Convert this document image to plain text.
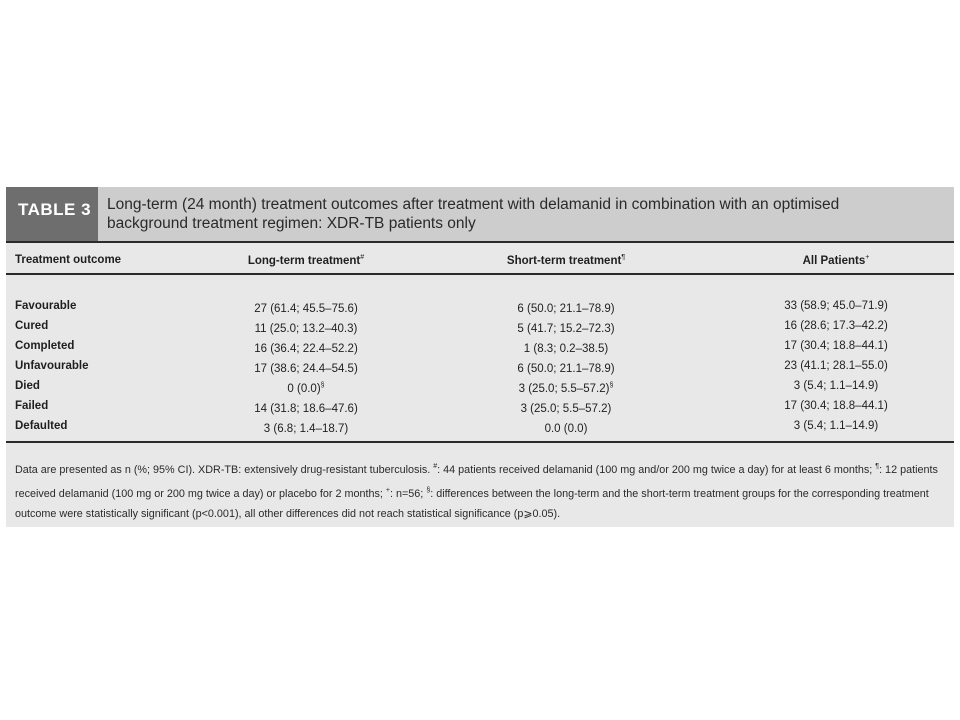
TABLE 3	Long-term (24 month) treatment outcomes after treatment with delamanid in combination with an optimised
background treatment regimen: XDR-TB patients only
Treatment outcome	Long-term treatment#	Short-term treatment¶	All Patients+
Favourable	27 (61.4; 45.5–75.6)	6 (50.0; 21.1–78.9)	33 (58.9; 45.0–71.9)
Cured	11 (25.0; 13.2–40.3)	5 (41.7; 15.2–72.3)	16 (28.6; 17.3–42.2)
Completed	16 (36.4; 22.4–52.2)	1 (8.3; 0.2–38.5)	17 (30.4; 18.8–44.1)
Unfavourable	17 (38.6; 24.4–54.5)	6 (50.0; 21.1–78.9)	23 (41.1; 28.1–55.0)
Died	0 (0.0)§	3 (25.0; 5.5–57.2)§	3 (5.4; 1.1–14.9)
Failed	14 (31.8; 18.6–47.6)	3 (25.0; 5.5–57.2)	17 (30.4; 18.8–44.1)
Defaulted	3 (6.8; 1.4–18.7)	0.0 (0.0)	3 (5.4; 1.1–14.9)
Data are presented as n (%; 95% CI). XDR-TB: extensively drug-resistant tuberculosis. #: 44 patients received delamanid (100 mg and/or 200 mg twice a day) for at least 6 months; ¶: 12 patients received delamanid (100 mg or 200 mg twice a day) or placebo for 2 months; +: n=56; §: differences between the long-term and the short-term treatment groups for the corresponding treatment outcome were statistically significant (p<0.001), all other differences did not reach statistical significance (p⩾0.05).
